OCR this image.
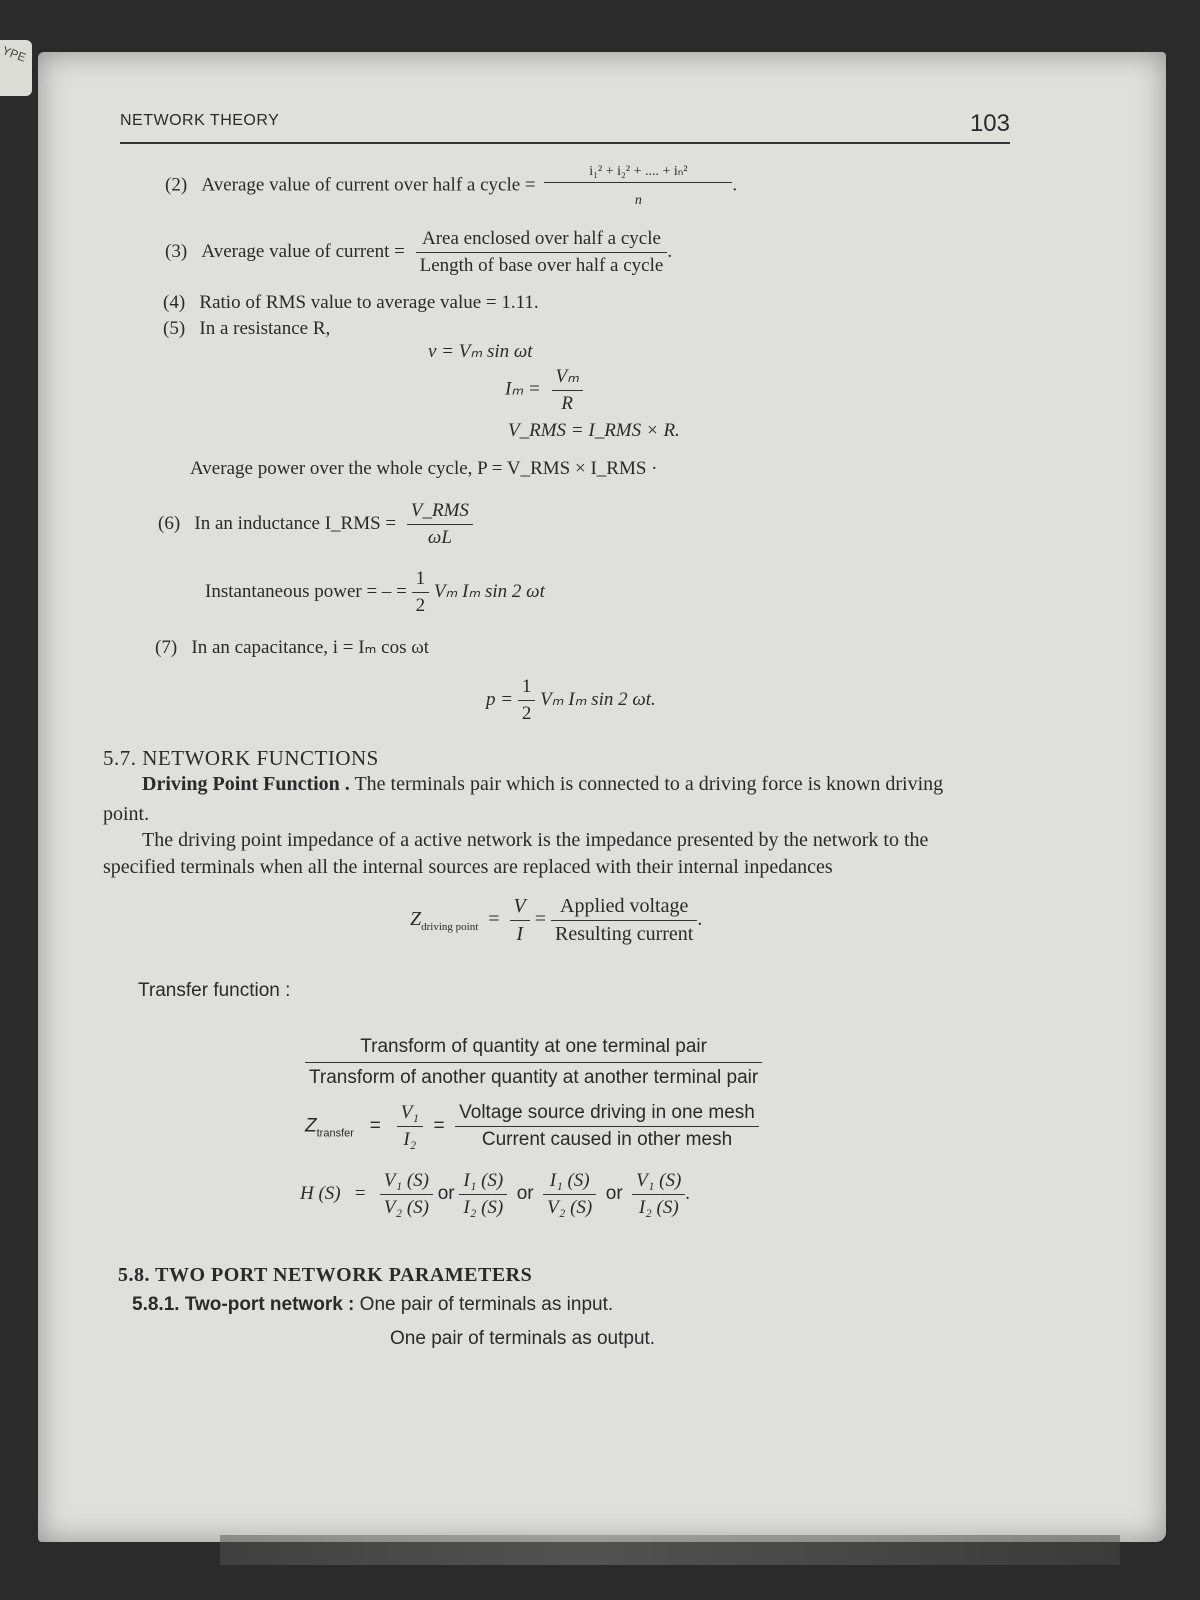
YPE
NETWORK THEORY	103
(2) Average value of current over half a cycle = $\frac{\text{i₁² + i₂² + .... + iₙ²}}{n}$ .
(3) Average value of current = $\frac{\text{Area enclosed over half a cycle}}{\text{Length of base over half a cycle}}$ .
(4) Ratio of RMS value to average value = 1.11.
(5) In a resistance R,
v = Vₘ sin ωt
$I_m = \frac{\text{Vₘ}}{R}$
V_RMS = I_RMS × R.
Average power over the whole cycle, P = V_RMS × I_RMS ·
(6) In an inductance I_RMS = $\frac{\text{V\_RMS}}{\omega L}$
Instantaneous power = – = $\frac{1}{2}$ Vₘ Iₘ sin 2 ωt
(7) In an capacitance, i = Iₘ cos ωt
$p = \frac{1}{2}$ Vₘ Iₘ sin 2 ωt.
5.7. NETWORK FUNCTIONS
Driving Point Function . The terminals pair which is connected to a driving force is known driving
point.
The driving point impedance of a active network is the impedance presented by the network to the
specified terminals when all the internal sources are replaced with their internal inpedances
$Z_{driving point} = \frac{V}{I} = \frac{\text{Applied voltage}}{\text{Resulting current}}$ .
Transfer function :
$\frac{\text{Transform of quantity at one terminal pair}}{\text{Transform of another quantity at another terminal pair}}$
$Z_{transfer} = \frac{\text{V₁}}{\text{I₂}} = \frac{\text{Voltage source driving in one mesh}}{\text{Current caused in other mesh}}$
H $(S) = \frac{\text{V₁ (S)}}{\text{V₂ (S)}}$ or $\frac{\text{I₁ (S)}}{\text{I₂ (S)}}$ or $\frac{\text{I₁ (S)}}{\text{V₂ (S)}}$ or $\frac{\text{V₁ (S)}}{\text{I₂ (S)}}$ .
5.8. TWO PORT NETWORK PARAMETERS
5.8.1. Two-port network : One pair of terminals as input.
One pair of terminals as output.
